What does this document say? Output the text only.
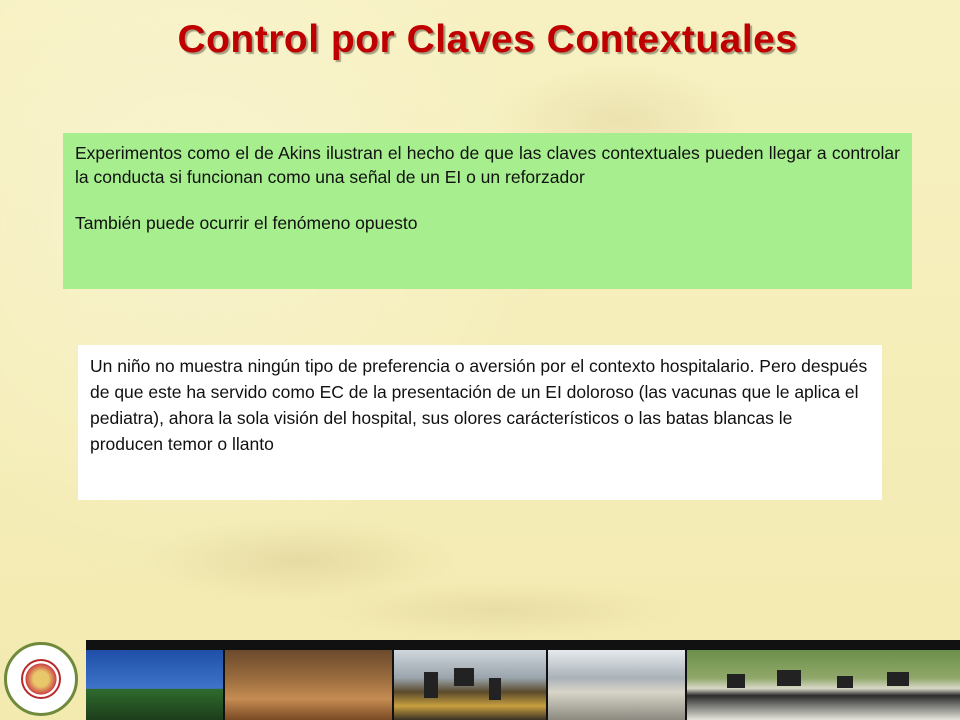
Control por Claves Contextuales

Experimentos como el de Akins ilustran el hecho de que las claves contextuales pueden llegar a controlar la conducta si funcionan como una señal de un EI o un reforzador

También puede ocurrir el fenómeno opuesto

Un niño no muestra ningún tipo de preferencia o aversión por el contexto hospitalario. Pero después de que este ha servido como EC de la presentación de un EI doloroso (las vacunas que le aplica el pediatra), ahora la sola visión del hospital, sus olores carácterísticos o las batas blancas le producen temor o llanto
